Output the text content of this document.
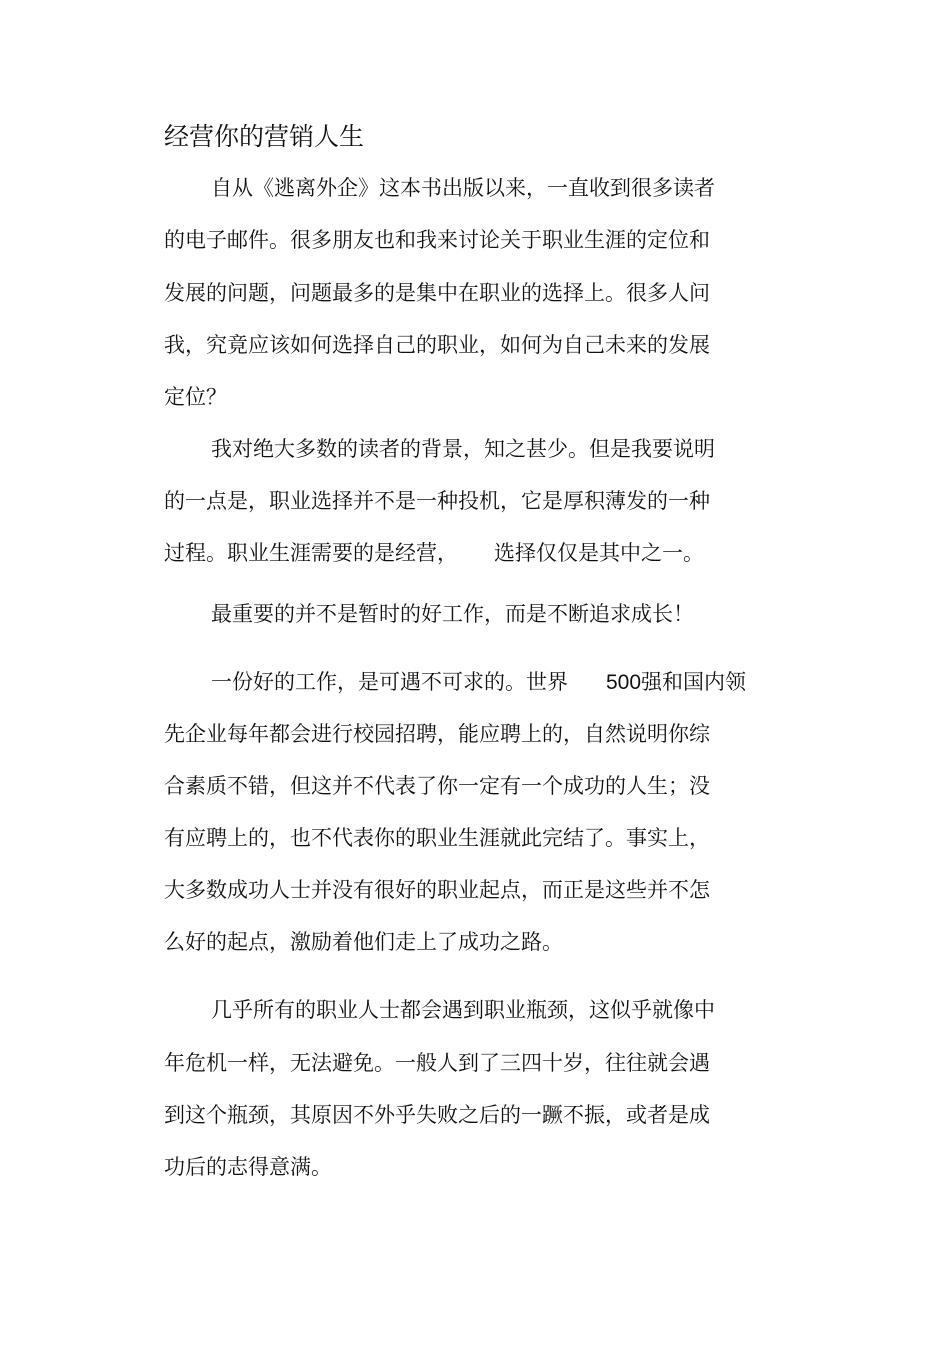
经营你的营销人生
自从《逃离外企》这本书出版以来，一直收到很多读者
的电子邮件。很多朋友也和我来讨论关于职业生涯的定位和
发展的问题，问题最多的是集中在职业的选择上。很多人问
我，究竟应该如何选择自己的职业，如何为自己未来的发展
定位？
我对绝大多数的读者的背景，知之甚少。但是我要说明
的一点是，职业选择并不是一种投机，它是厚积薄发的一种
过程。职业生涯需要的是经营， 选择仅仅是其中之一。
最重要的并不是暂时的好工作，而是不断追求成长！
一份好的工作，是可遇不可求的。世界 500强和国内领
先企业每年都会进行校园招聘，能应聘上的，自然说明你综
合素质不错，但这并不代表了你一定有一个成功的人生；没
有应聘上的，也不代表你的职业生涯就此完结了。事实上，
大多数成功人士并没有很好的职业起点，而正是这些并不怎
么好的起点，激励着他们走上了成功之路。
几乎所有的职业人士都会遇到职业瓶颈，这似乎就像中
年危机一样，无法避免。一般人到了三四十岁，往往就会遇
到这个瓶颈，其原因不外乎失败之后的一蹶不振，或者是成
功后的志得意满。
